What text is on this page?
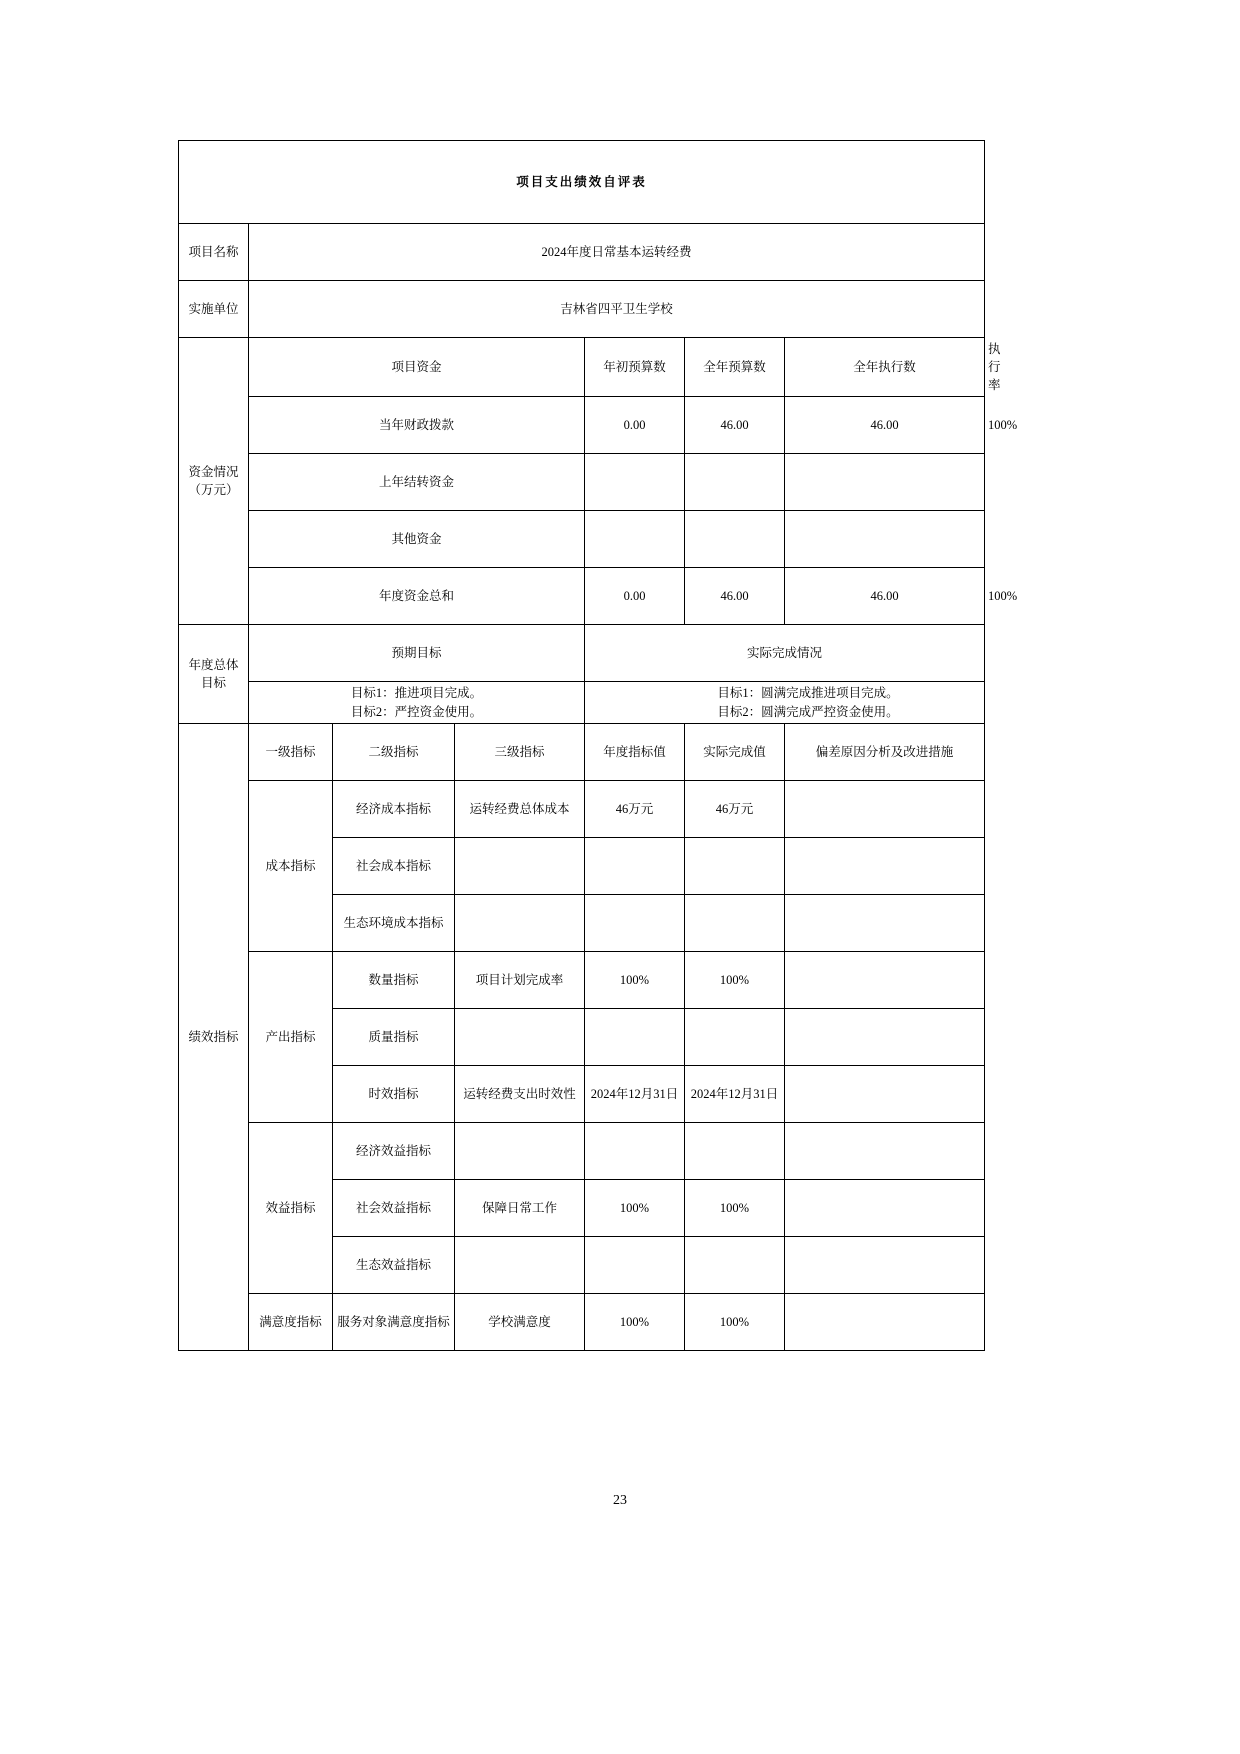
项目支出绩效自评表							
项目名称	2024年度日常基本运转经费						
实施单位	吉林省四平卫生学校						

资金情况
（万元）	项目资金			年初预算数	全年预算数	全年执行数	执行率
	当年财政拨款			0.00	46.00	46.00	100%
	上年结转资金						
	其他资金						
	年度资金总和			0.00	46.00	46.00	100%

年度总体
目标	预期目标			实际完成情况			

目标1：推进项目完成。
目标2：严控资金使用。

目标1：圆满完成推进项目完成。
目标2：圆满完成严控资金使用。

绩效指标	一级指标	二级指标	三级指标	年度指标值	实际完成值	偏差原因分析及改进措施	
	成本指标	经济成本指标	运转经费总体成本	46万元	46万元		
		社会成本指标					
		生态环境成本指标					
	产出指标	数量指标	项目计划完成率	100%	100%		
		质量指标					
		时效指标	运转经费支出时效性	2024年12月31日	2024年12月31日		
	效益指标	经济效益指标					
		社会效益指标	保障日常工作	100%	100%		
		生态效益指标					
	满意度指标	服务对象满意度指标	学校满意度	100%	100%		
23
